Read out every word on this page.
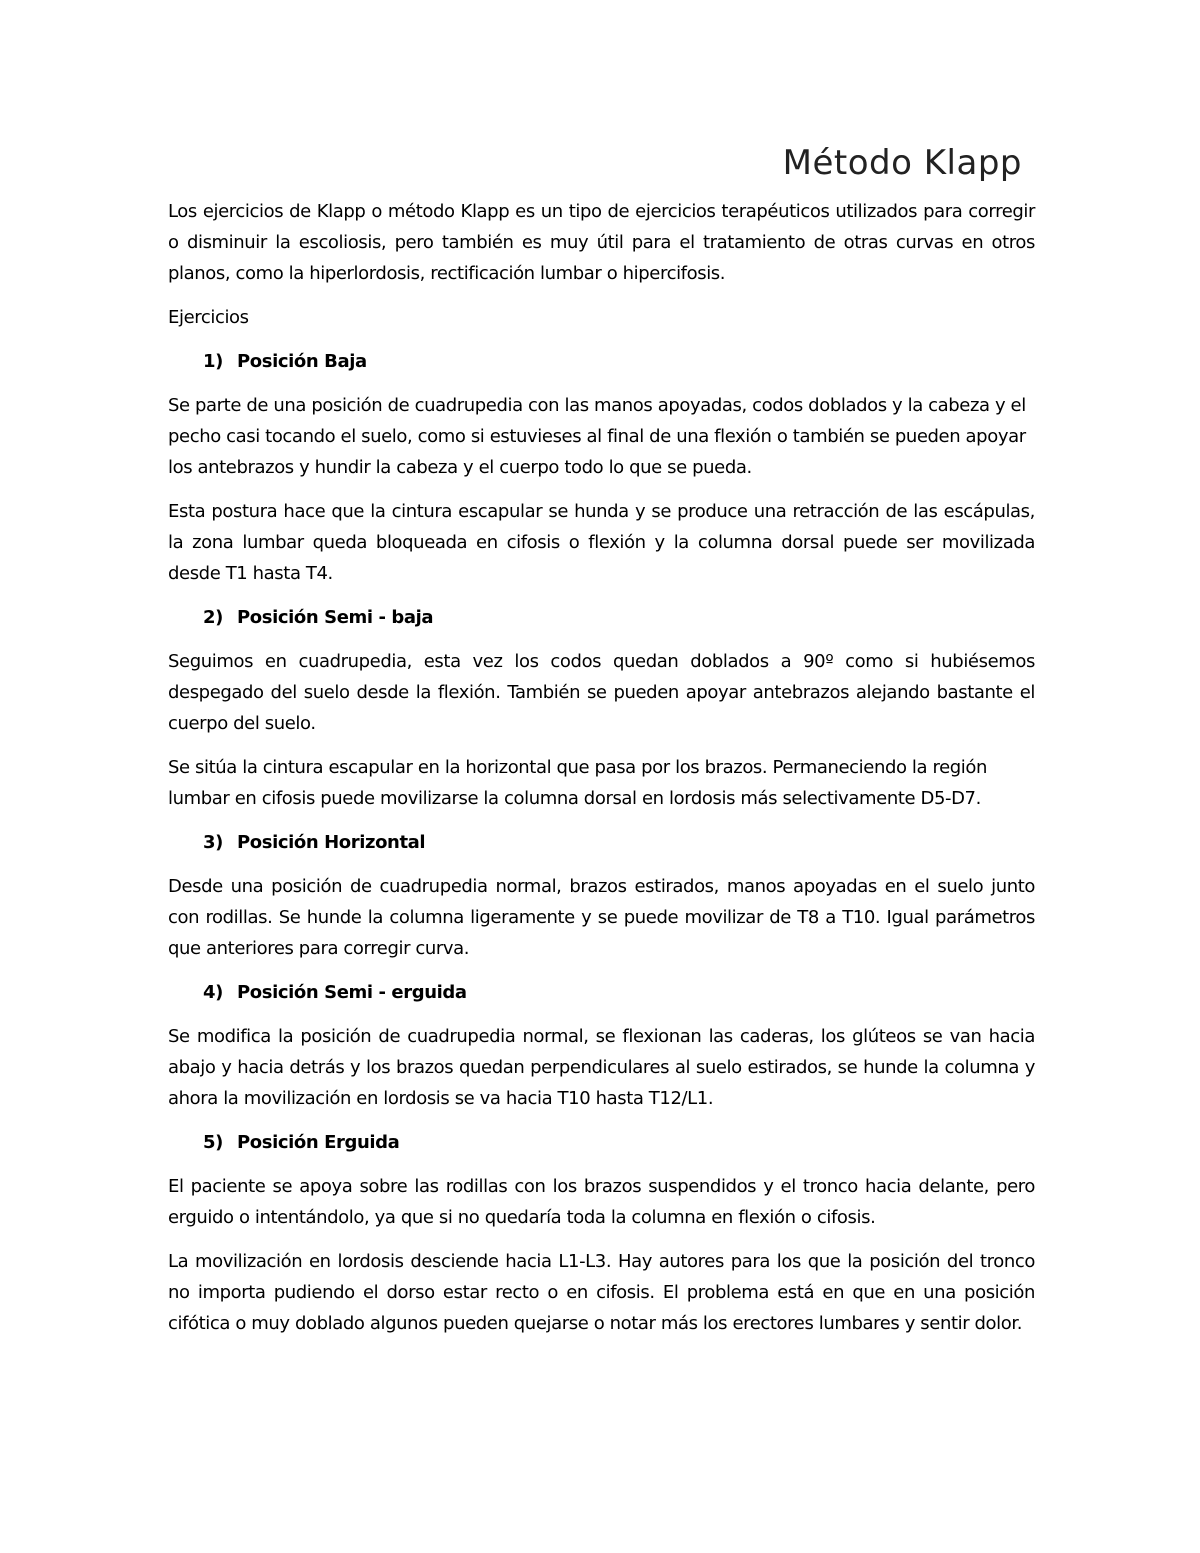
Método Klapp

Los ejercicios de Klapp o método Klapp es un tipo de ejercicios terapéuticos utilizados para corregir o disminuir la escoliosis, pero también es muy útil para el tratamiento de otras curvas en otros planos, como la hiperlordosis, rectificación lumbar o hipercifosis.

Ejercicios
1) Posición Baja

Se parte de una posición de cuadrupedia con las manos apoyadas, codos doblados y la cabeza y el pecho casi tocando el suelo, como si estuvieses al final de una flexión o también se pueden apoyar los antebrazos y hundir la cabeza y el cuerpo todo lo que se pueda.

Esta postura hace que la cintura escapular se hunda y se produce una retracción de las escápulas, la zona lumbar queda bloqueada en cifosis o flexión y la columna dorsal puede ser movilizada desde T1 hasta T4.

2) Posición Semi - baja

Seguimos en cuadrupedia, esta vez los codos quedan doblados a 90º como si hubiésemos despegado del suelo desde la flexión. También se pueden apoyar antebrazos alejando bastante el cuerpo del suelo.

Se sitúa la cintura escapular en la horizontal que pasa por los brazos. Permaneciendo la región lumbar en cifosis puede movilizarse la columna dorsal en lordosis más selectivamente D5-D7.

3) Posición Horizontal

Desde una posición de cuadrupedia normal, brazos estirados, manos apoyadas en el suelo junto con rodillas. Se hunde la columna ligeramente y se puede movilizar de T8 a T10. Igual parámetros que anteriores para corregir curva.

4) Posición Semi - erguida

Se modifica la posición de cuadrupedia normal, se flexionan las caderas, los glúteos se van hacia abajo y hacia detrás y los brazos quedan perpendiculares al suelo estirados, se hunde la columna y ahora la movilización en lordosis se va hacia T10 hasta T12/L1.

5) Posición Erguida

El paciente se apoya sobre las rodillas con los brazos suspendidos y el tronco hacia delante, pero erguido o intentándolo, ya que si no quedaría toda la columna en flexión o cifosis.

La movilización en lordosis desciende hacia L1-L3. Hay autores para los que la posición del tronco no importa pudiendo el dorso estar recto o en cifosis. El problema está en que en una posición cifótica o muy doblado algunos pueden quejarse o notar más los erectores lumbares y sentir dolor.
